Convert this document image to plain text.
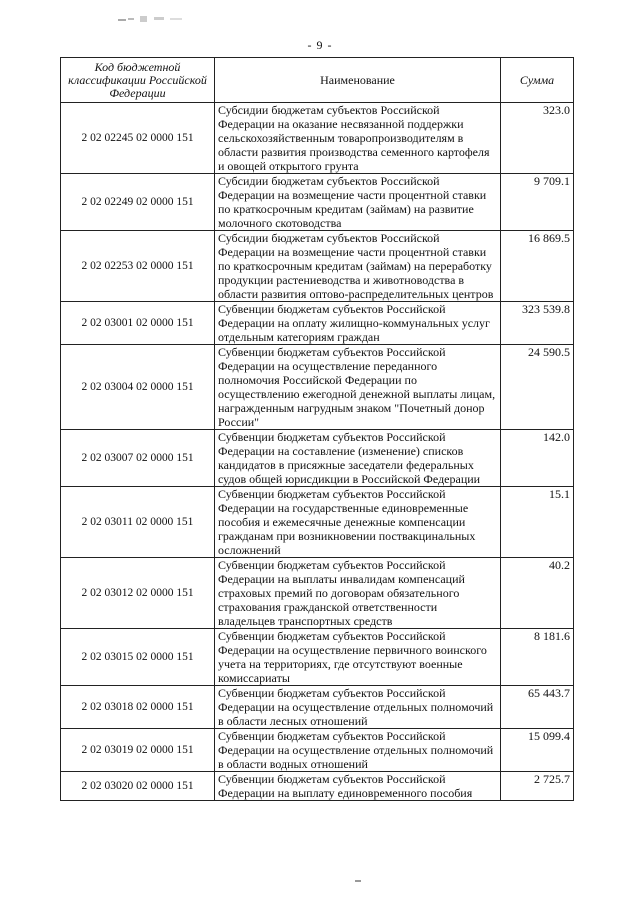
- 9 -
Код бюджетной классификации Российской Федерации	Наименование	Сумма
2 02 02245 02 0000 151	Субсидии бюджетам субъектов Российской Федерации на оказание несвязанной поддержки сельскохозяйственным товаропроизводителям в области развития производства семенного картофеля и овощей открытого грунта	323.0
2 02 02249 02 0000 151	Субсидии бюджетам субъектов Российской Федерации на возмещение части процентной ставки по краткосрочным кредитам (займам) на развитие молочного скотоводства	9 709.1
2 02 02253 02 0000 151	Субсидии бюджетам субъектов Российской Федерации на возмещение части процентной ставки по краткосрочным кредитам (займам) на переработку продукции растениеводства и животноводства в области развития оптово-распределительных центров	16 869.5
2 02 03001 02 0000 151	Субвенции бюджетам субъектов Российской Федерации на оплату жилищно-коммунальных услуг отдельным категориям граждан	323 539.8
2 02 03004 02 0000 151	Субвенции бюджетам субъектов Российской Федерации на осуществление переданного полномочия Российской Федерации по осуществлению ежегодной денежной выплаты лицам, награжденным нагрудным знаком "Почетный донор России"	24 590.5
2 02 03007 02 0000 151	Субвенции бюджетам субъектов Российской Федерации на составление (изменение) списков кандидатов в присяжные заседатели федеральных судов общей юрисдикции в Российской Федерации	142.0
2 02 03011 02 0000 151	Субвенции бюджетам субъектов Российской Федерации на государственные единовременные пособия и ежемесячные денежные компенсации гражданам при возникновении поствакцинальных осложнений	15.1
2 02 03012 02 0000 151	Субвенции бюджетам субъектов Российской Федерации на выплаты инвалидам компенсаций страховых премий по договорам обязательного страхования гражданской ответственности владельцев транспортных средств	40.2
2 02 03015 02 0000 151	Субвенции бюджетам субъектов Российской Федерации на осуществление первичного воинского учета на территориях, где отсутствуют военные комиссариаты	8 181.6
2 02 03018 02 0000 151	Субвенции бюджетам субъектов Российской Федерации на осуществление отдельных полномочий в области лесных отношений	65 443.7
2 02 03019 02 0000 151	Субвенции бюджетам субъектов Российской Федерации на осуществление отдельных полномочий в области водных отношений	15 099.4
2 02 03020 02 0000 151	Субвенции бюджетам субъектов Российской Федерации на выплату единовременного пособия	2 725.7
